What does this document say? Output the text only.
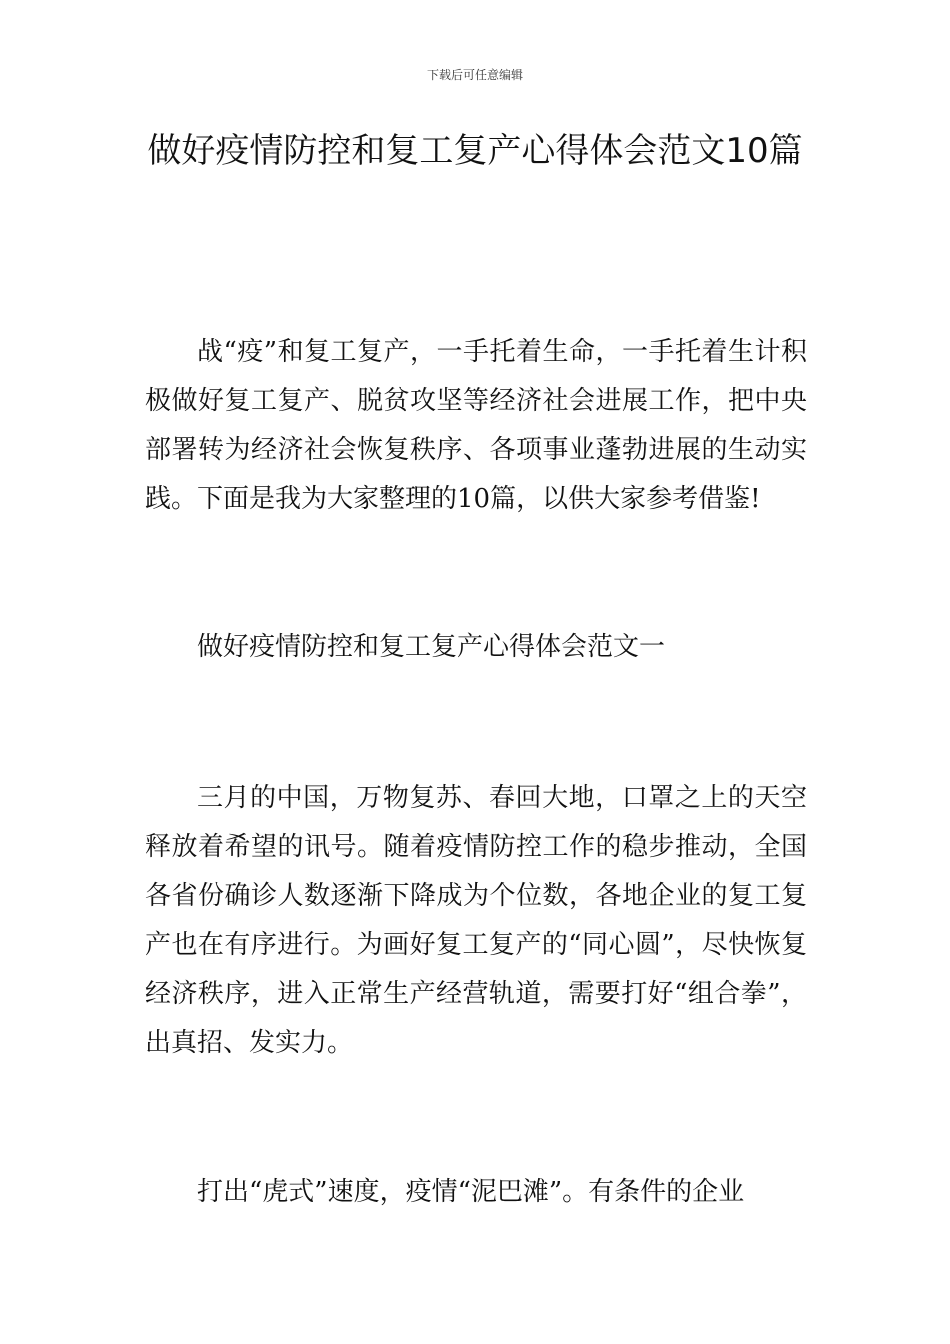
下载后可任意编辑
做好疫情防控和复工复产心得体会范文10篇

战“疫”和复工复产，一手托着生命，一手托着生计积极做好复工复产、脱贫攻坚等经济社会进展工作，把中央部署转为经济社会恢复秩序、各项事业蓬勃进展的生动实践。下面是我为大家整理的10篇，以供大家参考借鉴!

做好疫情防控和复工复产心得体会范文一

三月的中国，万物复苏、春回大地，口罩之上的天空释放着希望的讯号。随着疫情防控工作的稳步推动，全国各省份确诊人数逐渐下降成为个位数，各地企业的复工复产也在有序进行。为画好复工复产的“同心圆”，尽快恢复经济秩序，进入正常生产经营轨道，需要打好“组合拳”，出真招、发实力。

打出“虎式”速度，疫情“泥巴滩”。有条件的企业
